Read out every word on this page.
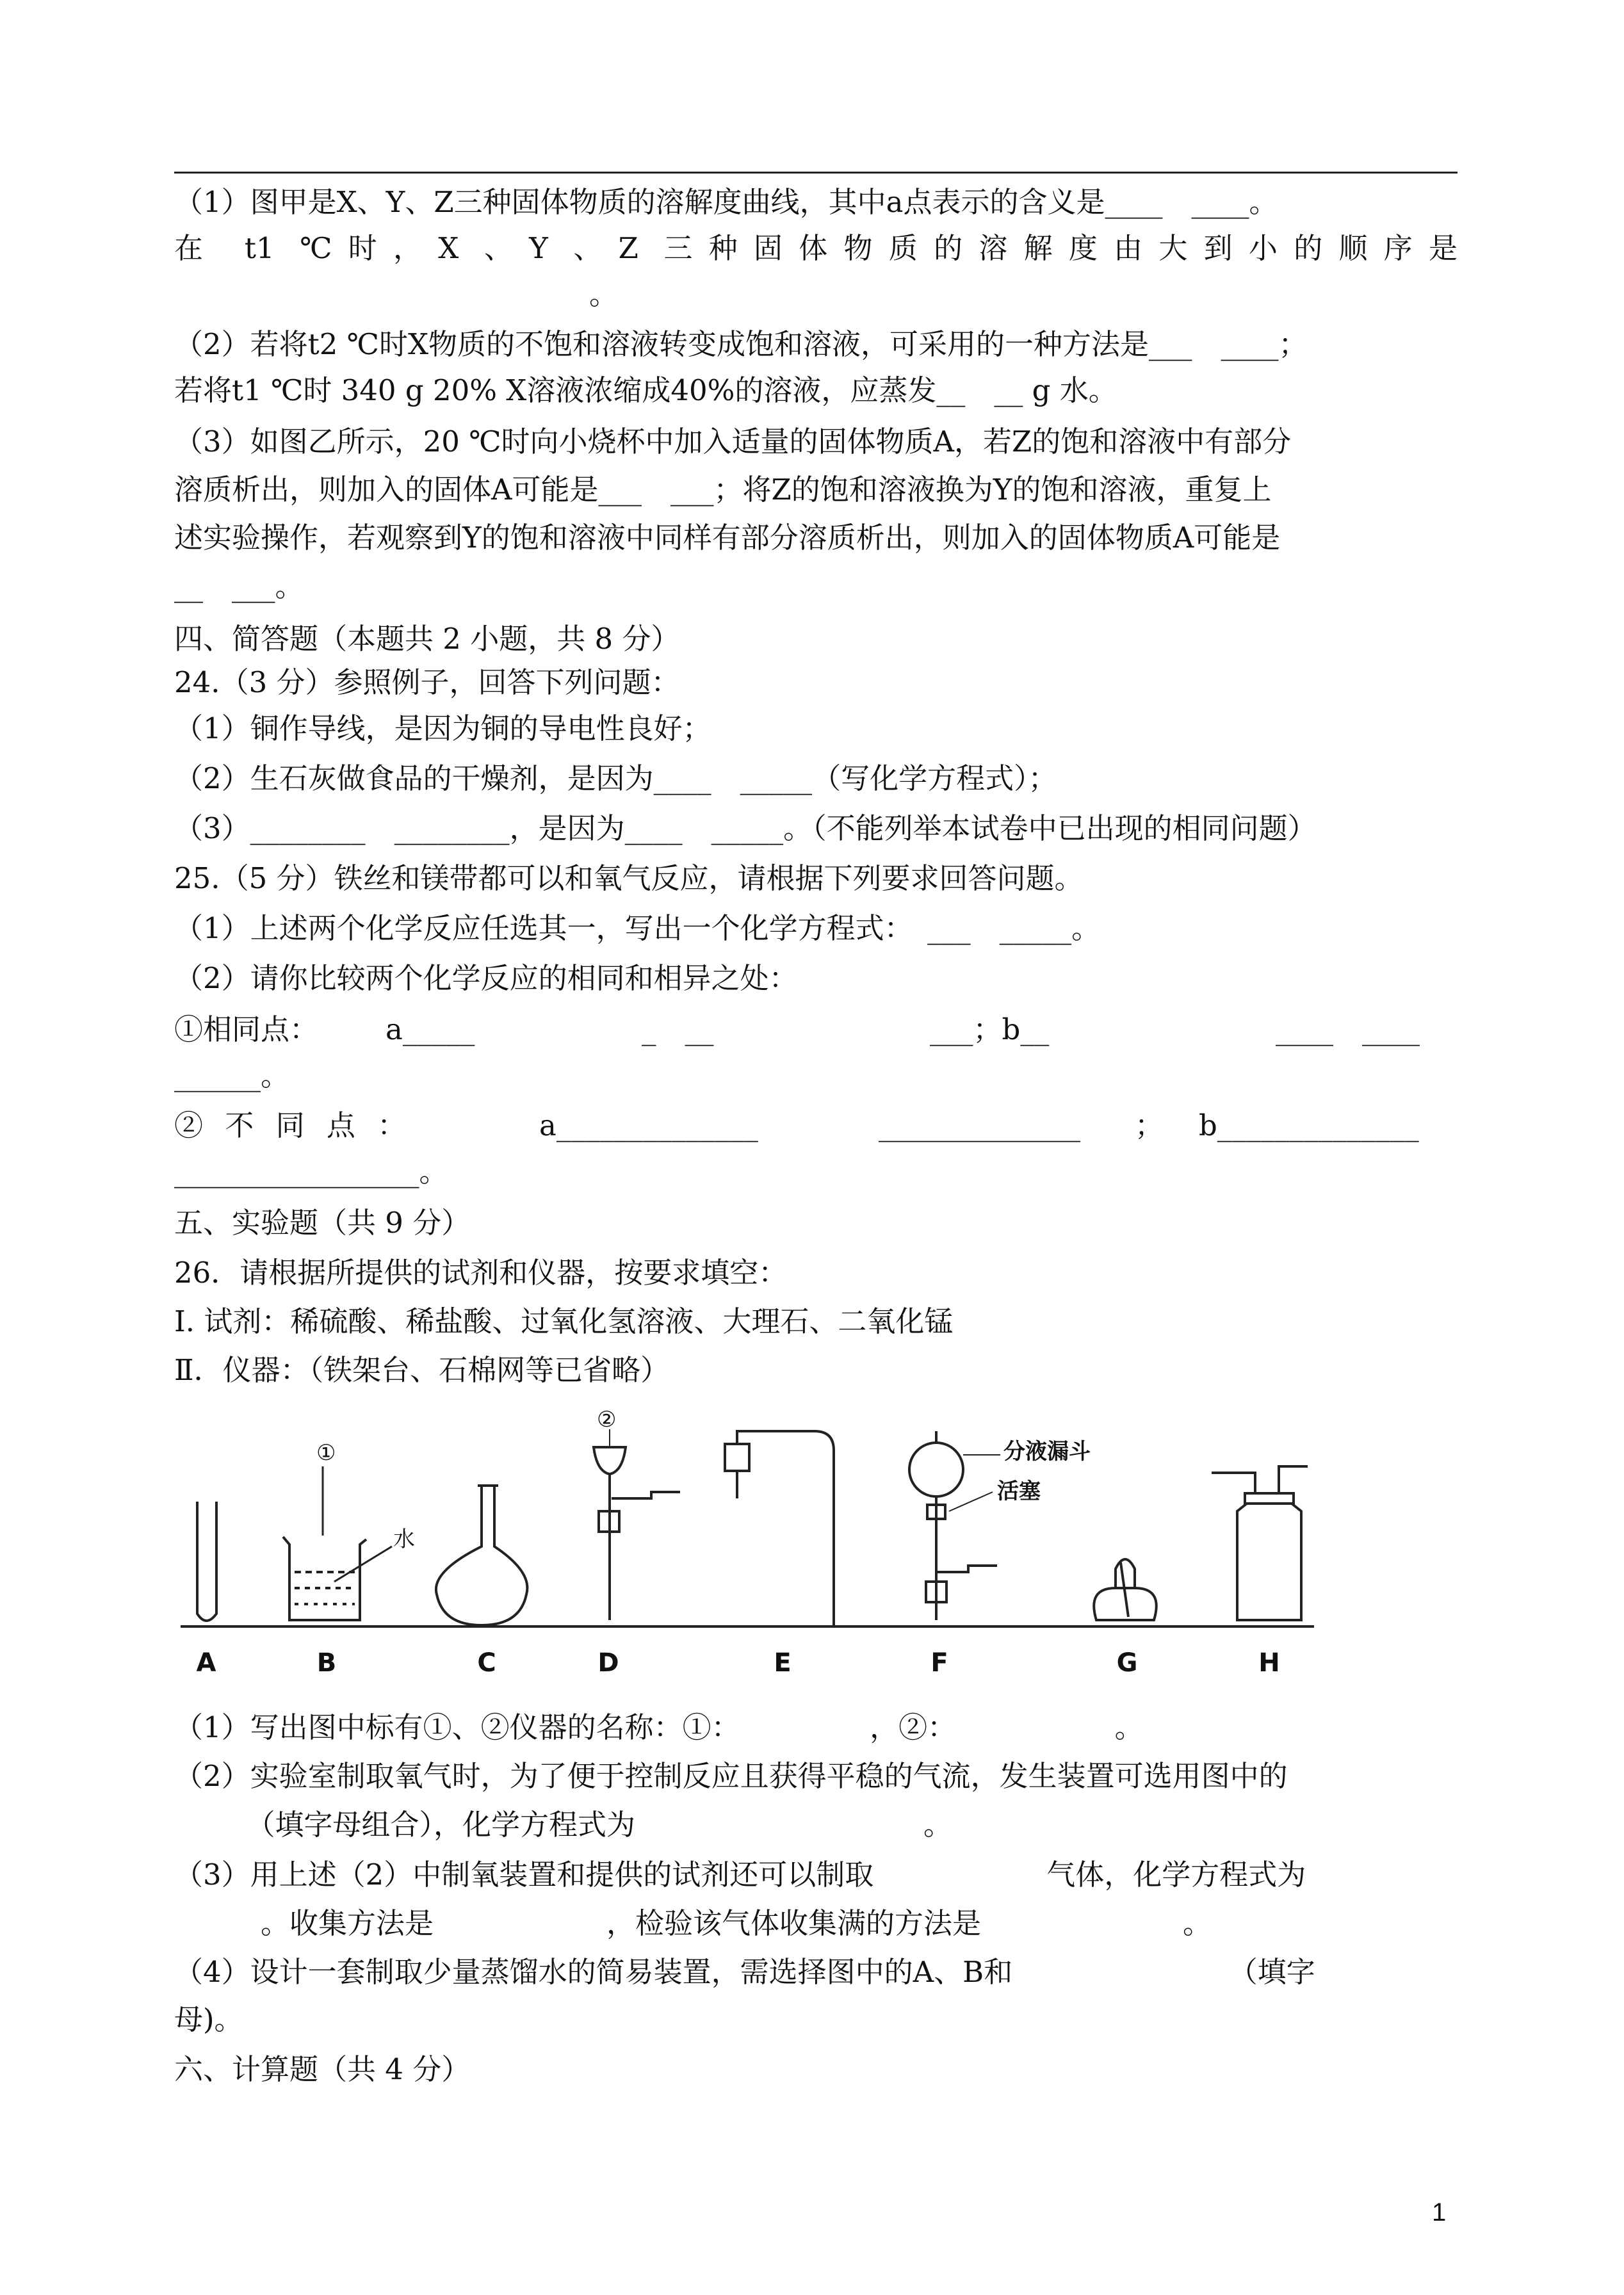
（1）图甲是X、Y、Z三种固体物质的溶解度曲线，其中a点表示的含义是____　____。
在 t1 ℃时，X 、Y 、Z 三种固体物质的溶解度由大到小的顺序是
。
（2）若将t2 ℃时X物质的不饱和溶液转变成饱和溶液，可采用的一种方法是___　____；
若将t1 ℃时 340 g 20% X溶液浓缩成40%的溶液，应蒸发__　__ g 水。
（3）如图乙所示，20 ℃时向小烧杯中加入适量的固体物质A，若Z的饱和溶液中有部分
溶质析出，则加入的固体A可能是___　___；将Z的饱和溶液换为Y的饱和溶液，重复上
述实验操作，若观察到Y的饱和溶液中同样有部分溶质析出，则加入的固体物质A可能是
__　___。
四、简答题（本题共 2 小题，共 8 分）
24.（3 分）参照例子，回答下列问题：
（1）铜作导线，是因为铜的导电性良好；
（2）生石灰做食品的干燥剂，是因为____　_____（写化学方程式）；
（3）________　________，是因为____　_____。（不能列举本试卷中已出现的相同问题）
25.（5 分）铁丝和镁带都可以和氧气反应，请根据下列要求回答问题。
（1）上述两个化学反应任选其一，写出一个化学方程式：　___　_____。
（2）请你比较两个化学反应的相同和相异之处：
①相同点： a_____	_　__	___；b__	____　____
______。
② 不 同 点 ：	a______________	______________ ； b______________
_________________。
五、实验题（共 9 分）
26．请根据所提供的试剂和仪器，按要求填空：
Ⅰ. 试剂：稀硫酸、稀盐酸、过氧化氢溶液、大理石、二氧化锰
Ⅱ．仪器：（铁架台、石棉网等已省略）
①
②
水
分液漏斗
活塞
A	B	C	D	E	F	G	H
（1）写出图中标有①、②仪器的名称：①：　　　　　，②：　　　　　　。
（2）实验室制取氧气时，为了便于控制反应且获得平稳的气流，发生装置可选用图中的
　　　（填字母组合），化学方程式为　　　　　　　　　　。
（3）用上述（2）中制氧装置和提供的试剂还可以制取　　　　　　气体，化学方程式为
　　　。收集方法是　　　　　　，检验该气体收集满的方法是　　　　　　　。
（4）设计一套制取少量蒸馏水的简易装置，需选择图中的A、B和　　　　　　　　（填字
母)。
六、计算题（共 4 分）
1
